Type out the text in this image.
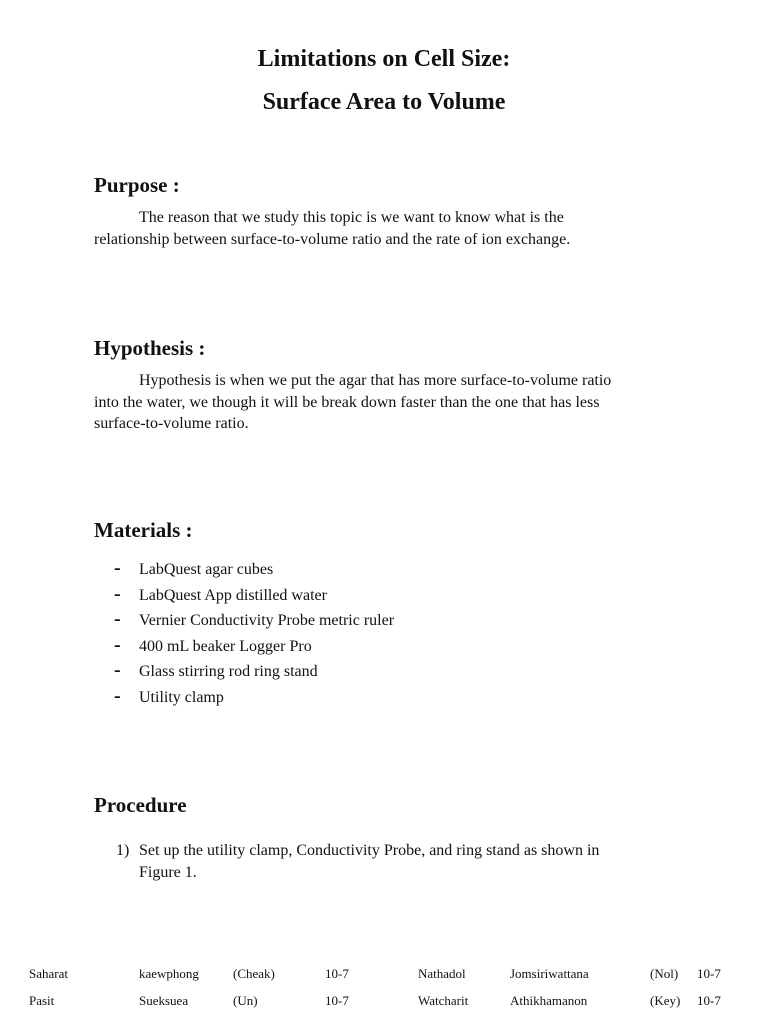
Limitations on Cell Size:
Surface Area to Volume
Purpose :
The reason that we study this topic is we want to know what is the
relationship between surface-to-volume ratio and the rate of ion exchange.
Hypothesis :
Hypothesis is when we put the agar that has more surface-to-volume ratio
into the water, we though it will be break down faster than the one that has less
surface-to-volume ratio.
Materials :
- LabQuest agar cubes
- LabQuest App distilled water
- Vernier Conductivity Probe metric ruler
- 400 mL beaker Logger Pro
- Glass stirring rod ring stand
- Utility clamp
Procedure
1) Set up the utility clamp, Conductivity Probe, and ring stand as shown in
Figure 1.
Saharat	kaewphong	(Cheak)	10-7	Nathadol	Jomsiriwattana	(Nol) 10-7
Pasit	Sueksuea	(Un)	10-7	Watcharit	Athikhamanon	(Key) 10-7
